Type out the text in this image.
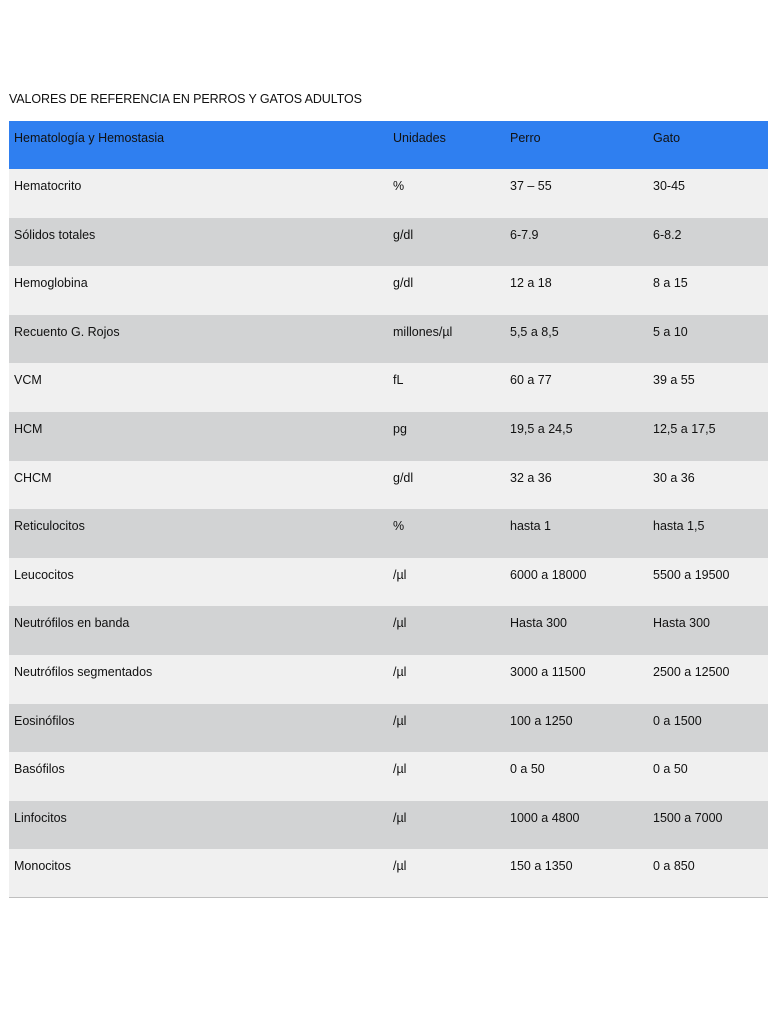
VALORES DE REFERENCIA EN PERROS Y GATOS ADULTOS
Hematología y Hemostasia	Unidades	Perro	Gato
Hematocrito	%	37 – 55	30-45
Sólidos totales	g/dl	6-7.9	6-8.2
Hemoglobina	g/dl	12 a 18	8 a 15
Recuento G. Rojos	millones/µl	5,5 a 8,5	5 a 10
VCM	fL	60 a 77	39 a 55
HCM	pg	19,5 a 24,5	12,5 a 17,5
CHCM	g/dl	32 a 36	30 a 36
Reticulocitos	%	hasta 1	hasta 1,5
Leucocitos	/µl	6000 a 18000	5500 a 19500
Neutrófilos en banda	/µl	Hasta 300	Hasta 300
Neutrófilos segmentados	/µl	3000 a 11500	2500 a 12500
Eosinófilos	/µl	100 a 1250	0 a 1500
Basófilos	/µl	0 a 50	0 a 50
Linfocitos	/µl	1000 a 4800	1500 a 7000
Monocitos	/µl	150 a 1350	0 a 850
